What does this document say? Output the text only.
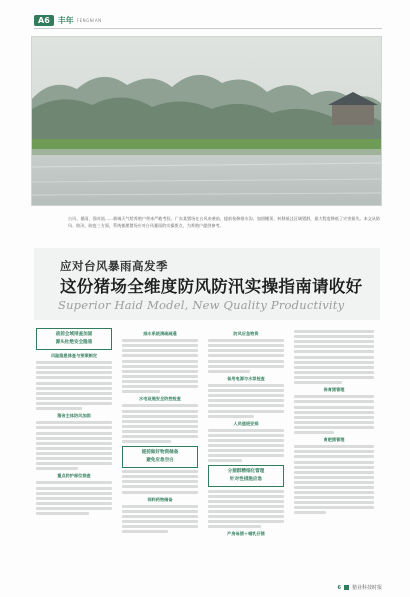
A6	丰年 FENGNIAN
台风、暴雨、强对流……极端天气给养殖户带来严峻考验。广东某猪场在台风来袭前，提前检修排水沟、加固棚顶、转移低洼区域猪群，最大程度降低了灾害损失。本文从防风、防汛、防疫三方面，系统梳理猪场应对台风暴雨的实操要点，为养殖户提供参考。
应对台风暴雨高发季
这份猪场全维度防风防汛实操指南请收好
Superior Haid Model, New Quality Productivity
战前全域排查加固
源头杜绝安全隐患
风险隐患排查与预案制定
猪舍主体防风加固
重点防护部位排查
排水系统清疏疏通
水电设施安全防控检查
提前做好物资储备
避免应急空白
饲料药物储备
防风应急物资
备用电源与水泵检查
人员值班安排
分猪群精细化管理
针对性措施应急
产房母猪＋哺乳仔猪
保育猪管理
育肥猪管理
6 猪业科技时报
